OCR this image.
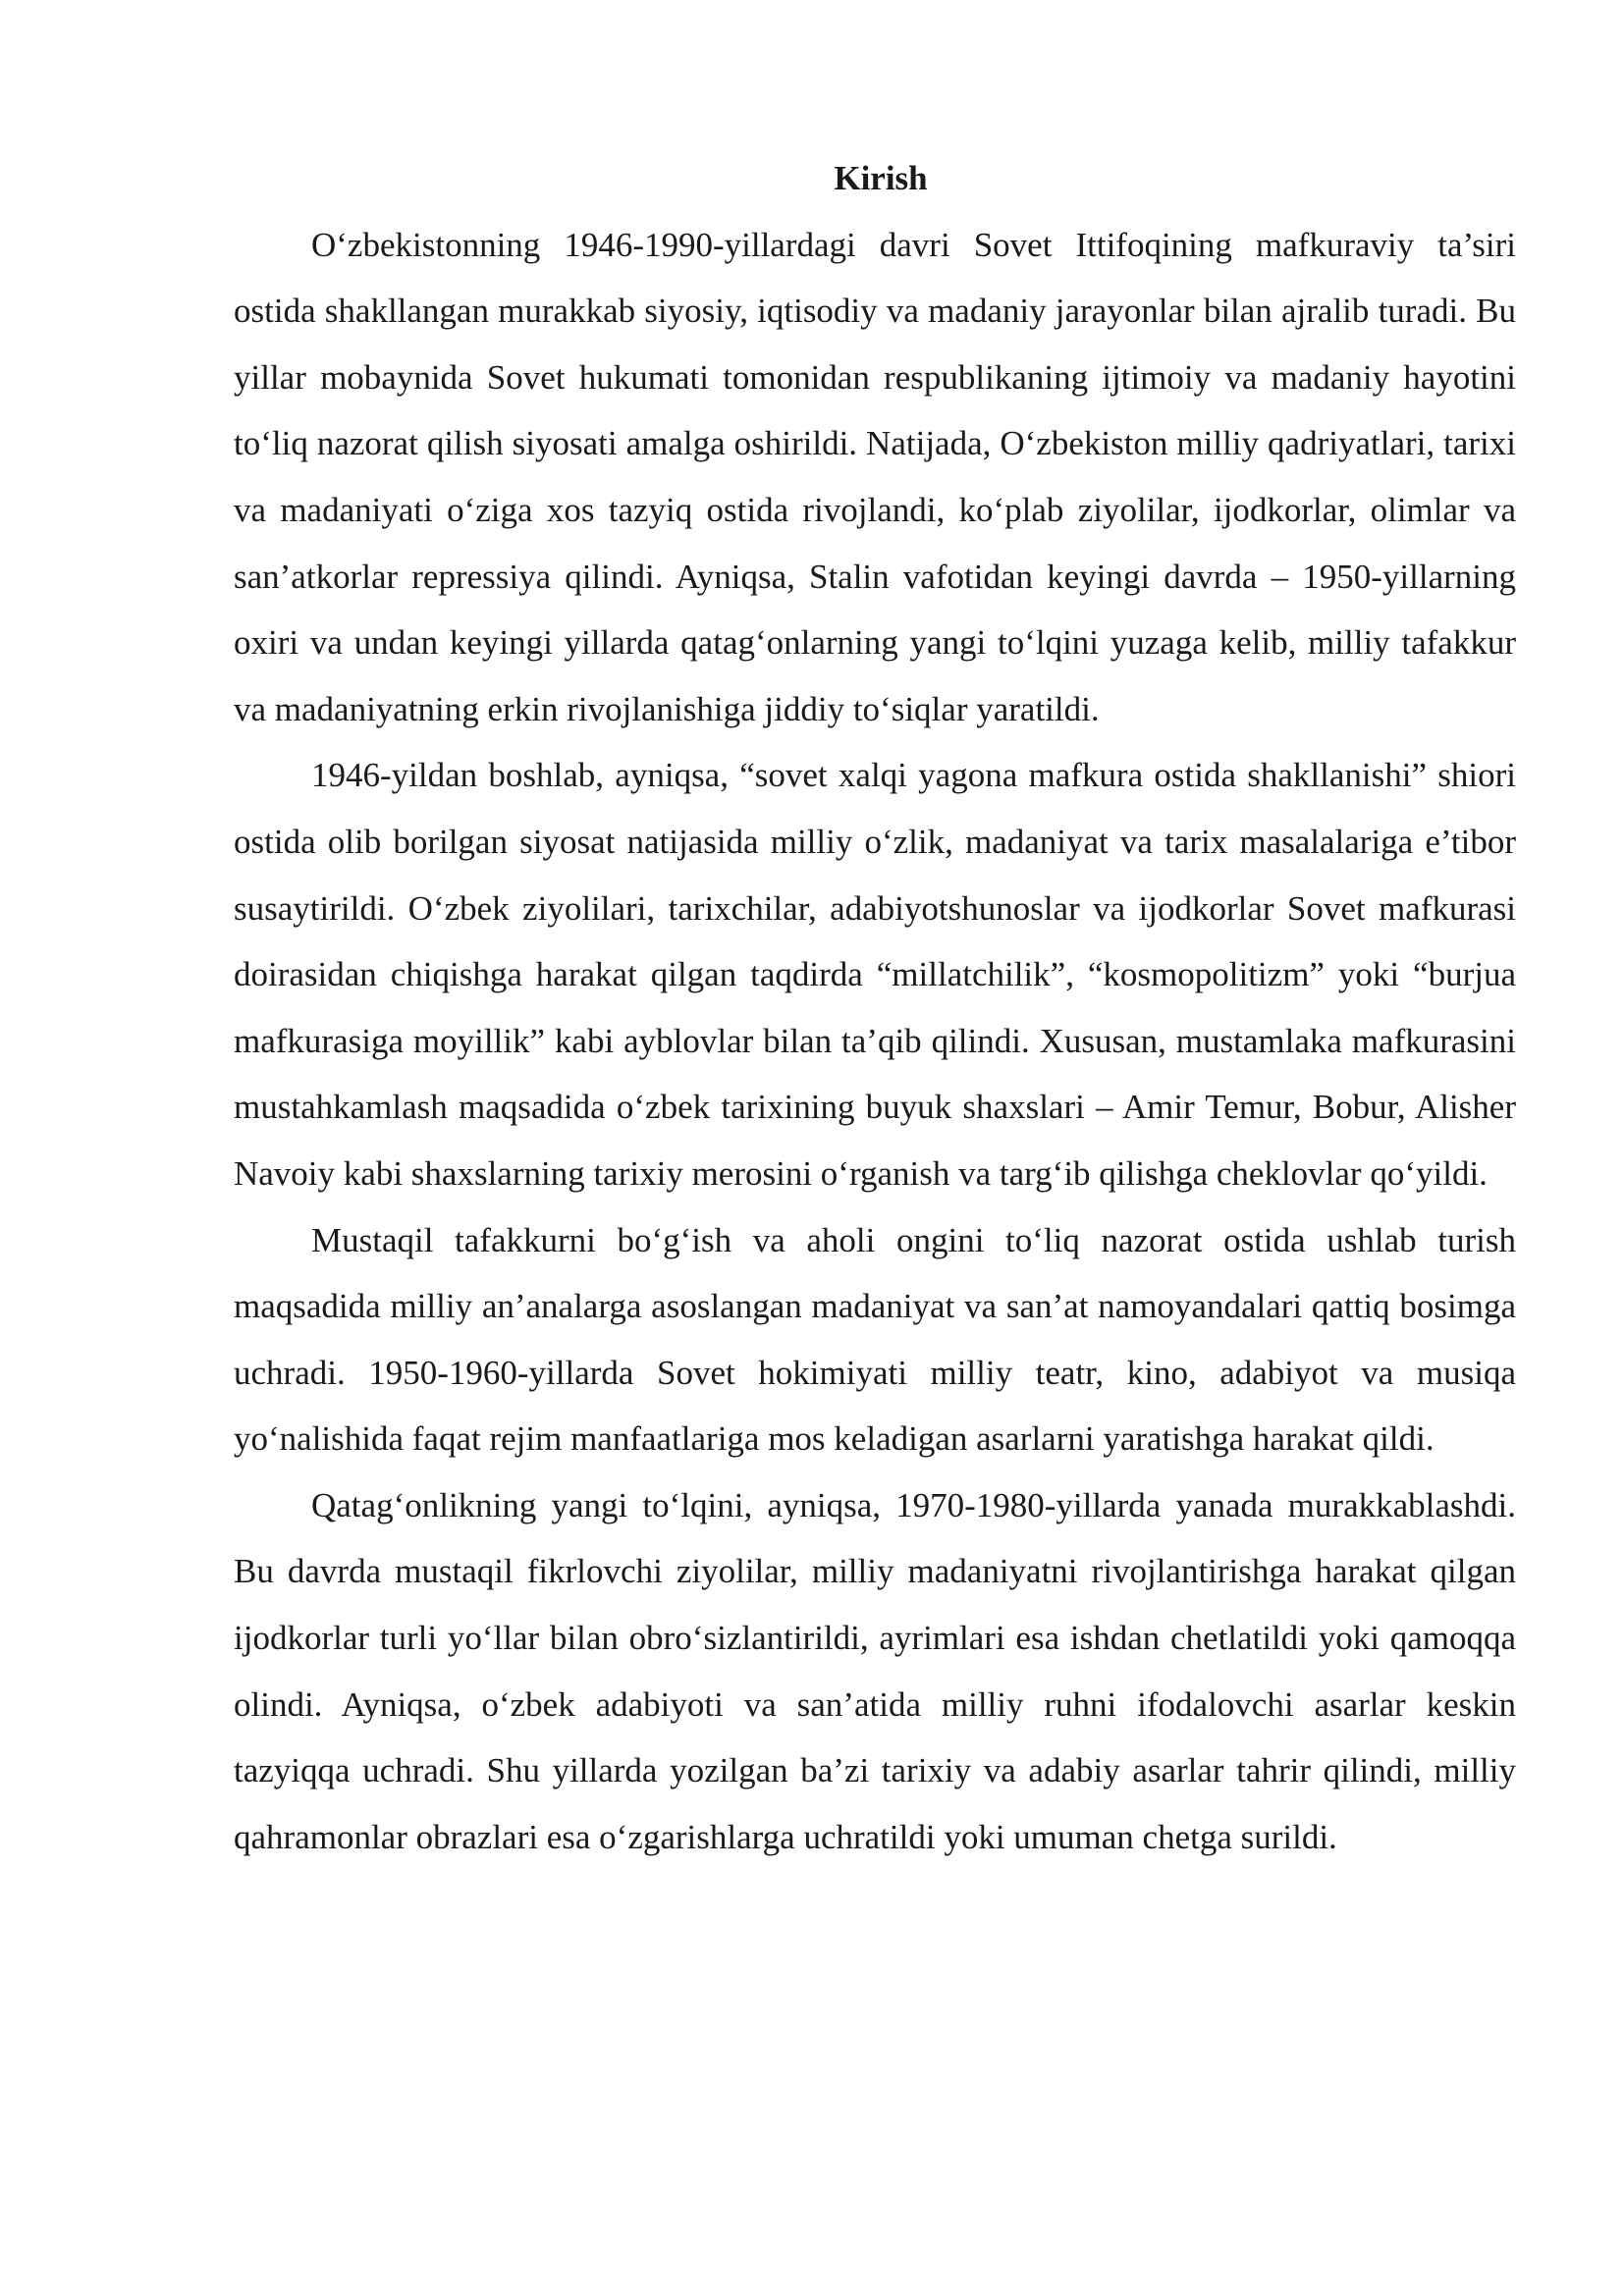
Kirish

O‘zbekistonning 1946-1990-yillardagi davri Sovet Ittifoqining mafkuraviy ta’siri ostida shakllangan murakkab siyosiy, iqtisodiy va madaniy jarayonlar bilan ajralib turadi. Bu yillar mobaynida Sovet hukumati tomonidan respublikaning ijtimoiy va madaniy hayotini to‘liq nazorat qilish siyosati amalga oshirildi. Natijada, O‘zbekiston milliy qadriyatlari, tarixi va madaniyati o‘ziga xos tazyiq ostida rivojlandi, ko‘plab ziyolilar, ijodkorlar, olimlar va san’atkorlar repressiya qilindi. Ayniqsa, Stalin vafotidan keyingi davrda – 1950-yillarning oxiri va undan keyingi yillarda qatag‘onlarning yangi to‘lqini yuzaga kelib, milliy tafakkur va madaniyatning erkin rivojlanishiga jiddiy to‘siqlar yaratildi.

1946-yildan boshlab, ayniqsa, “sovet xalqi yagona mafkura ostida shakllanishi” shiori ostida olib borilgan siyosat natijasida milliy o‘zlik, madaniyat va tarix masalalariga e’tibor susaytirildi. O‘zbek ziyolilari, tarixchilar, adabiyotshunoslar va ijodkorlar Sovet mafkurasi doirasidan chiqishga harakat qilgan taqdirda “millatchilik”, “kosmopolitizm” yoki “burjua mafkurasiga moyillik” kabi ayblovlar bilan ta’qib qilindi. Xususan, mustamlaka mafkurasini mustahkamlash maqsadida o‘zbek tarixining buyuk shaxslari – Amir Temur, Bobur, Alisher Navoiy kabi shaxslarning tarixiy merosini o‘rganish va targ‘ib qilishga cheklovlar qo‘yildi.

Mustaqil tafakkurni bo‘g‘ish va aholi ongini to‘liq nazorat ostida ushlab turish maqsadida milliy an’analarga asoslangan madaniyat va san’at namoyandalari qattiq bosimga uchradi. 1950-1960-yillarda Sovet hokimiyati milliy teatr, kino, adabiyot va musiqa yo‘nalishida faqat rejim manfaatlariga mos keladigan asarlarni yaratishga harakat qildi.

Qatag‘onlikning yangi to‘lqini, ayniqsa, 1970-1980-yillarda yanada murakkablashdi. Bu davrda mustaqil fikrlovchi ziyolilar, milliy madaniyatni rivojlantirishga harakat qilgan ijodkorlar turli yo‘llar bilan obro‘sizlantirildi, ayrimlari esa ishdan chetlatildi yoki qamoqqa olindi. Ayniqsa, o‘zbek adabiyoti va san’atida milliy ruhni ifodalovchi asarlar keskin tazyiqqa uchradi. Shu yillarda yozilgan ba’zi tarixiy va adabiy asarlar tahrir qilindi, milliy qahramonlar obrazlari esa o‘zgarishlarga uchratildi yoki umuman chetga surildi.
